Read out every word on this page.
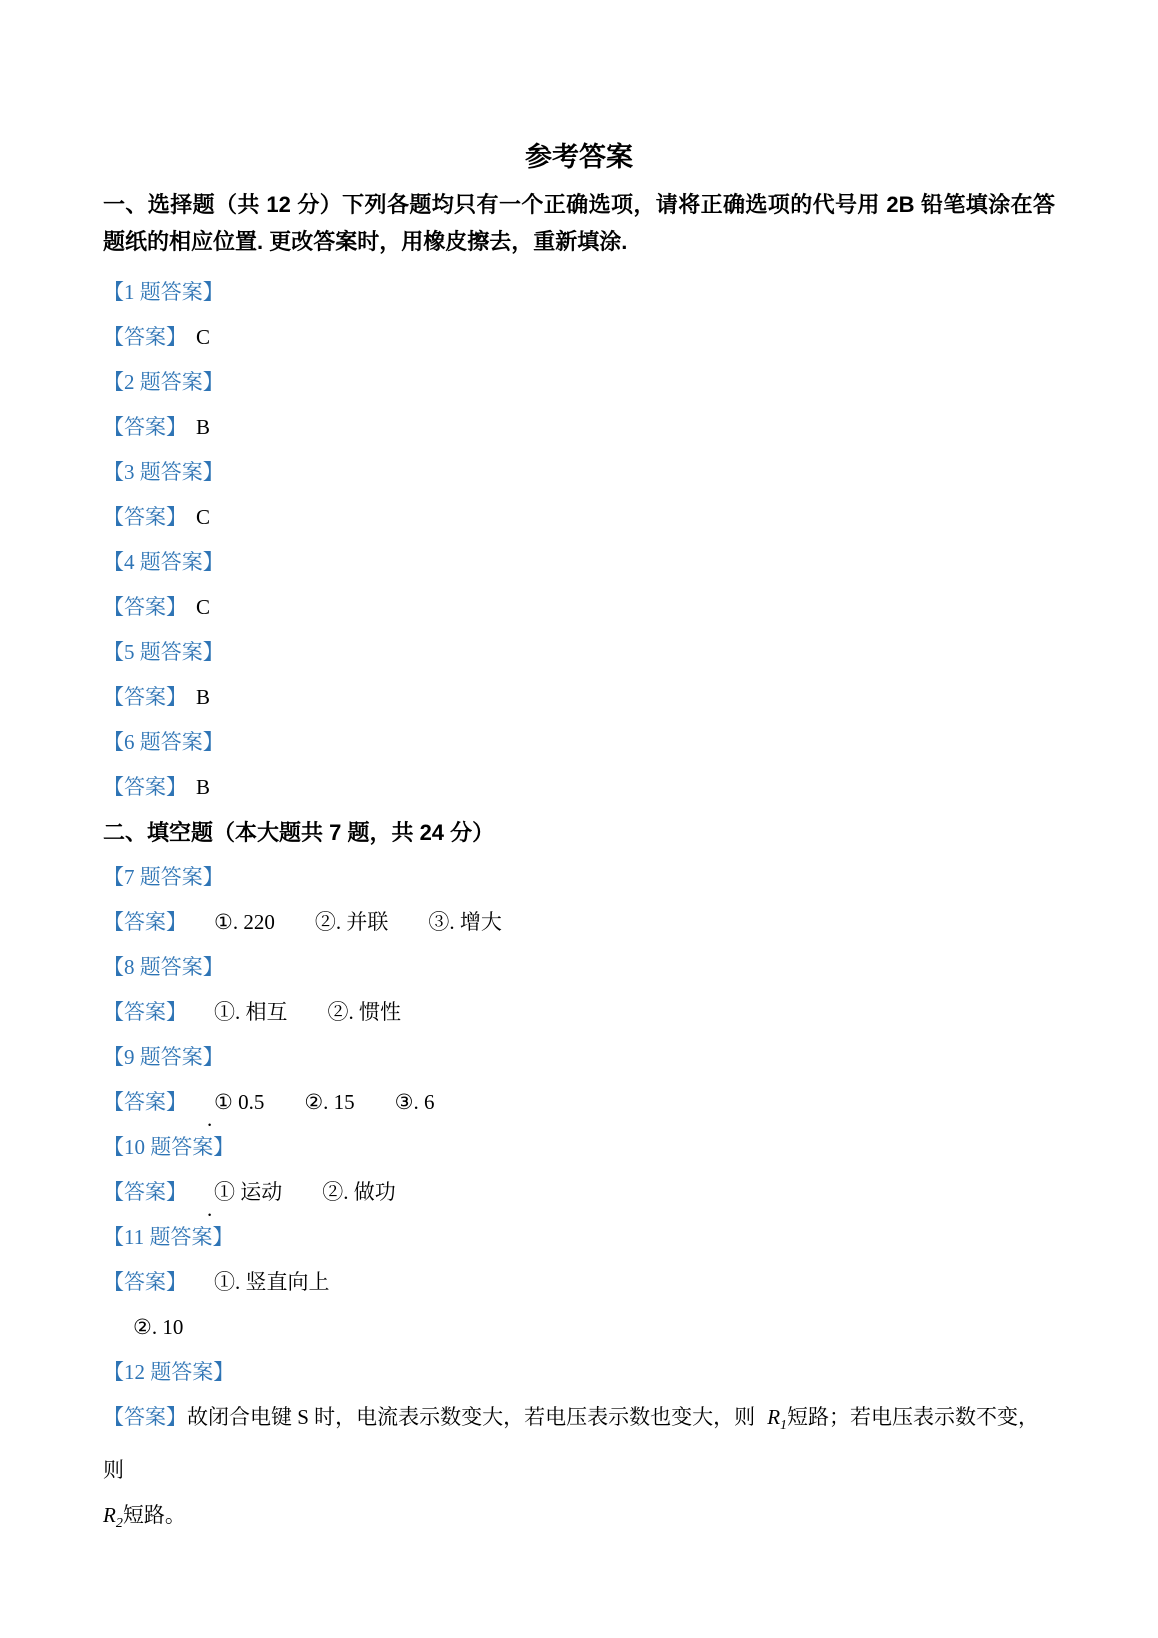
参考答案

一、选择题（共 12 分）下列各题均只有一个正确选项，请将正确选项的代号用 2B 铅笔填涂在答题纸的相应位置. 更改答案时，用橡皮擦去，重新填涂.

【1 题答案】
【答案】 C
【2 题答案】
【答案】 B
【3 题答案】
【答案】 C
【4 题答案】
【答案】 C
【5 题答案】
【答案】 B
【6 题答案】
【答案】 B

二、填空题（本大题共 7 题，共 24 分）

【7 题答案】
【答案】 ①. 220 ②. 并联 ③. 增大
【8 题答案】
【答案】 ①. 相互 ②. 惯性
【9 题答案】
【答案】 ① 0.5 ②. 15 ③. 6
.
【10 题答案】
【答案】 ① 运动 ②. 做功
.
【11 题答案】
【答案】 ①. 竖直向上
②. 10
【12 题答案】
【答案】故闭合电键 S 时，电流表示数变大，若电压表示数也变大，则 $R_1$短路；若电压表示数不变，则
$R_2$短路。
